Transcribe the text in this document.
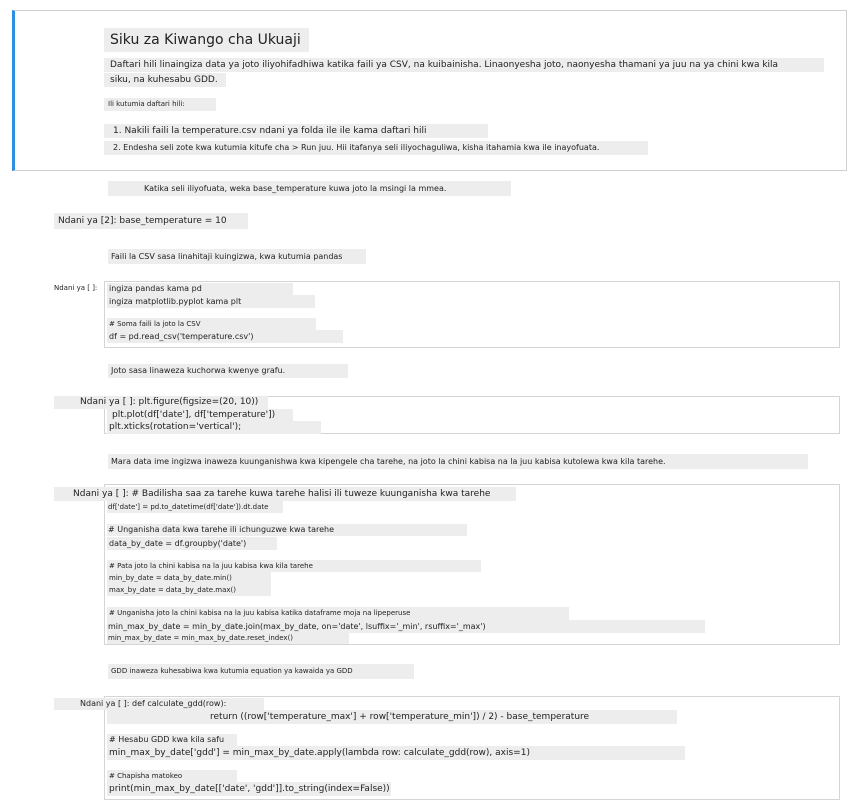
Siku za Kiwango cha Ukuaji
Daftari hili linaingiza data ya joto iliyohifadhiwa katika faili ya CSV, na kuibainisha. Linaonyesha joto, naonyesha thamani ya juu na ya chini kwa kila
siku, na kuhesabu GDD.
Ili kutumia daftari hili:
1. Nakili faili la temperature.csv ndani ya folda ile ile kama daftari hili
2. Endesha seli zote kwa kutumia kitufe cha > Run juu. Hii itafanya seli iliyochaguliwa, kisha itahamia kwa ile inayofuata.
Katika seli iliyofuata, weka base_temperature kuwa joto la msingi la mmea.
Ndani ya [2]: base_temperature = 10
Faili la CSV sasa linahitaji kuingizwa, kwa kutumia pandas
Ndani ya [ ]: ingiza pandas kama pd
ingiza matplotlib.pyplot kama plt
# Soma faili la joto la CSV
df = pd.read_csv('temperature.csv')
Joto sasa linaweza kuchorwa kwenye grafu.
Ndani ya [ ]: plt.figure(figsize=(20, 10))
plt.plot(df['date'], df['temperature'])
plt.xticks(rotation='vertical');
Mara data ime ingizwa inaweza kuunganishwa kwa kipengele cha tarehe, na joto la chini kabisa na la juu kabisa kutolewa kwa kila tarehe.
Ndani ya [ ]: # Badilisha saa za tarehe kuwa tarehe halisi ili tuweze kuunganisha kwa tarehe
df['date'] = pd.to_datetime(df['date']).dt.date
# Unganisha data kwa tarehe ili ichunguzwe kwa tarehe
data_by_date = df.groupby('date')
# Pata joto la chini kabisa na la juu kabisa kwa kila tarehe
min_by_date = data_by_date.min()
max_by_date = data_by_date.max()
# Unganisha joto la chini kabisa na la juu kabisa katika dataframe moja na lipeperuse
min_max_by_date = min_by_date.join(max_by_date, on='date', lsuffix='_min', rsuffix='_max')
min_max_by_date = min_max_by_date.reset_index()
GDD inaweza kuhesabiwa kwa kutumia equation ya kawaida ya GDD
Ndani ya [ ]: def calculate_gdd(row):
return ((row['temperature_max'] + row['temperature_min']) / 2) - base_temperature
# Hesabu GDD kwa kila safu
min_max_by_date['gdd'] = min_max_by_date.apply(lambda row: calculate_gdd(row), axis=1)
# Chapisha matokeo
print(min_max_by_date[['date', 'gdd']].to_string(index=False))
